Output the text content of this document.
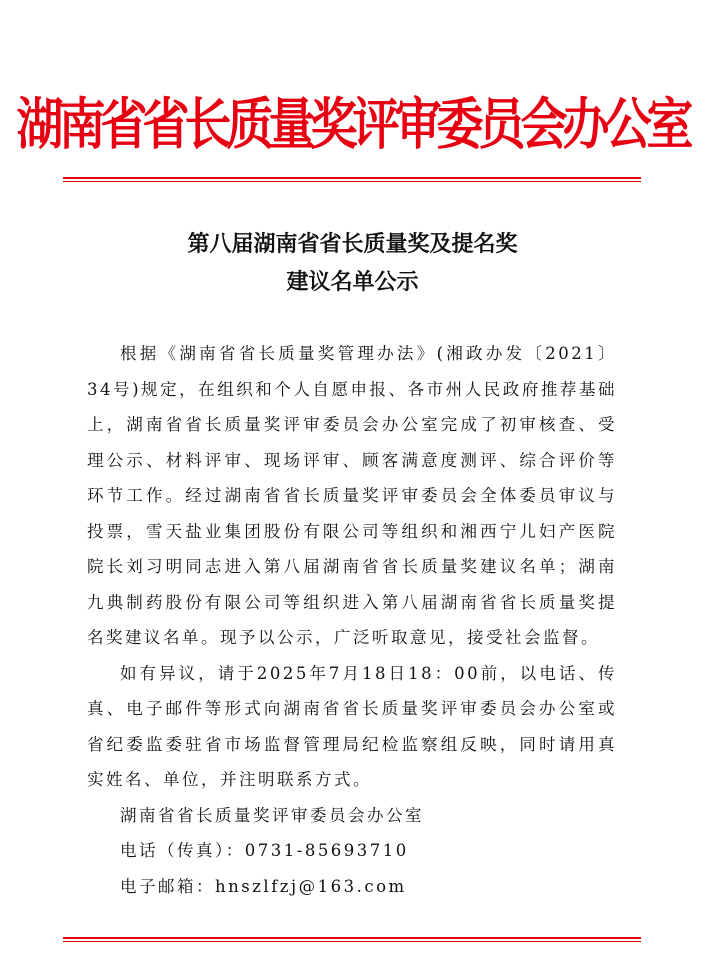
湖南省省长质量奖评审委员会办公室
第八届湖南省省长质量奖及提名奖
建议名单公示

根据《湖南省省长质量奖管理办法》(湘政办发〔2021〕34号)规定，在组织和个人自愿申报、各市州人民政府推荐基础上，湖南省省长质量奖评审委员会办公室完成了初审核查、受理公示、材料评审、现场评审、顾客满意度测评、综合评价等环节工作。经过湖南省省长质量奖评审委员会全体委员审议与投票，雪天盐业集团股份有限公司等组织和湘西宁儿妇产医院院长刘习明同志进入第八届湖南省省长质量奖建议名单；湖南九典制药股份有限公司等组织进入第八届湖南省省长质量奖提名奖建议名单。现予以公示，广泛听取意见，接受社会监督。

如有异议，请于2025年7月18日18：00前，以电话、传真、电子邮件等形式向湖南省省长质量奖评审委员会办公室或省纪委监委驻省市场监督管理局纪检监察组反映，同时请用真实姓名、单位，并注明联系方式。

湖南省省长质量奖评审委员会办公室

电话（传真）：0731-85693710

电子邮箱：hnszlfzj@163.com
